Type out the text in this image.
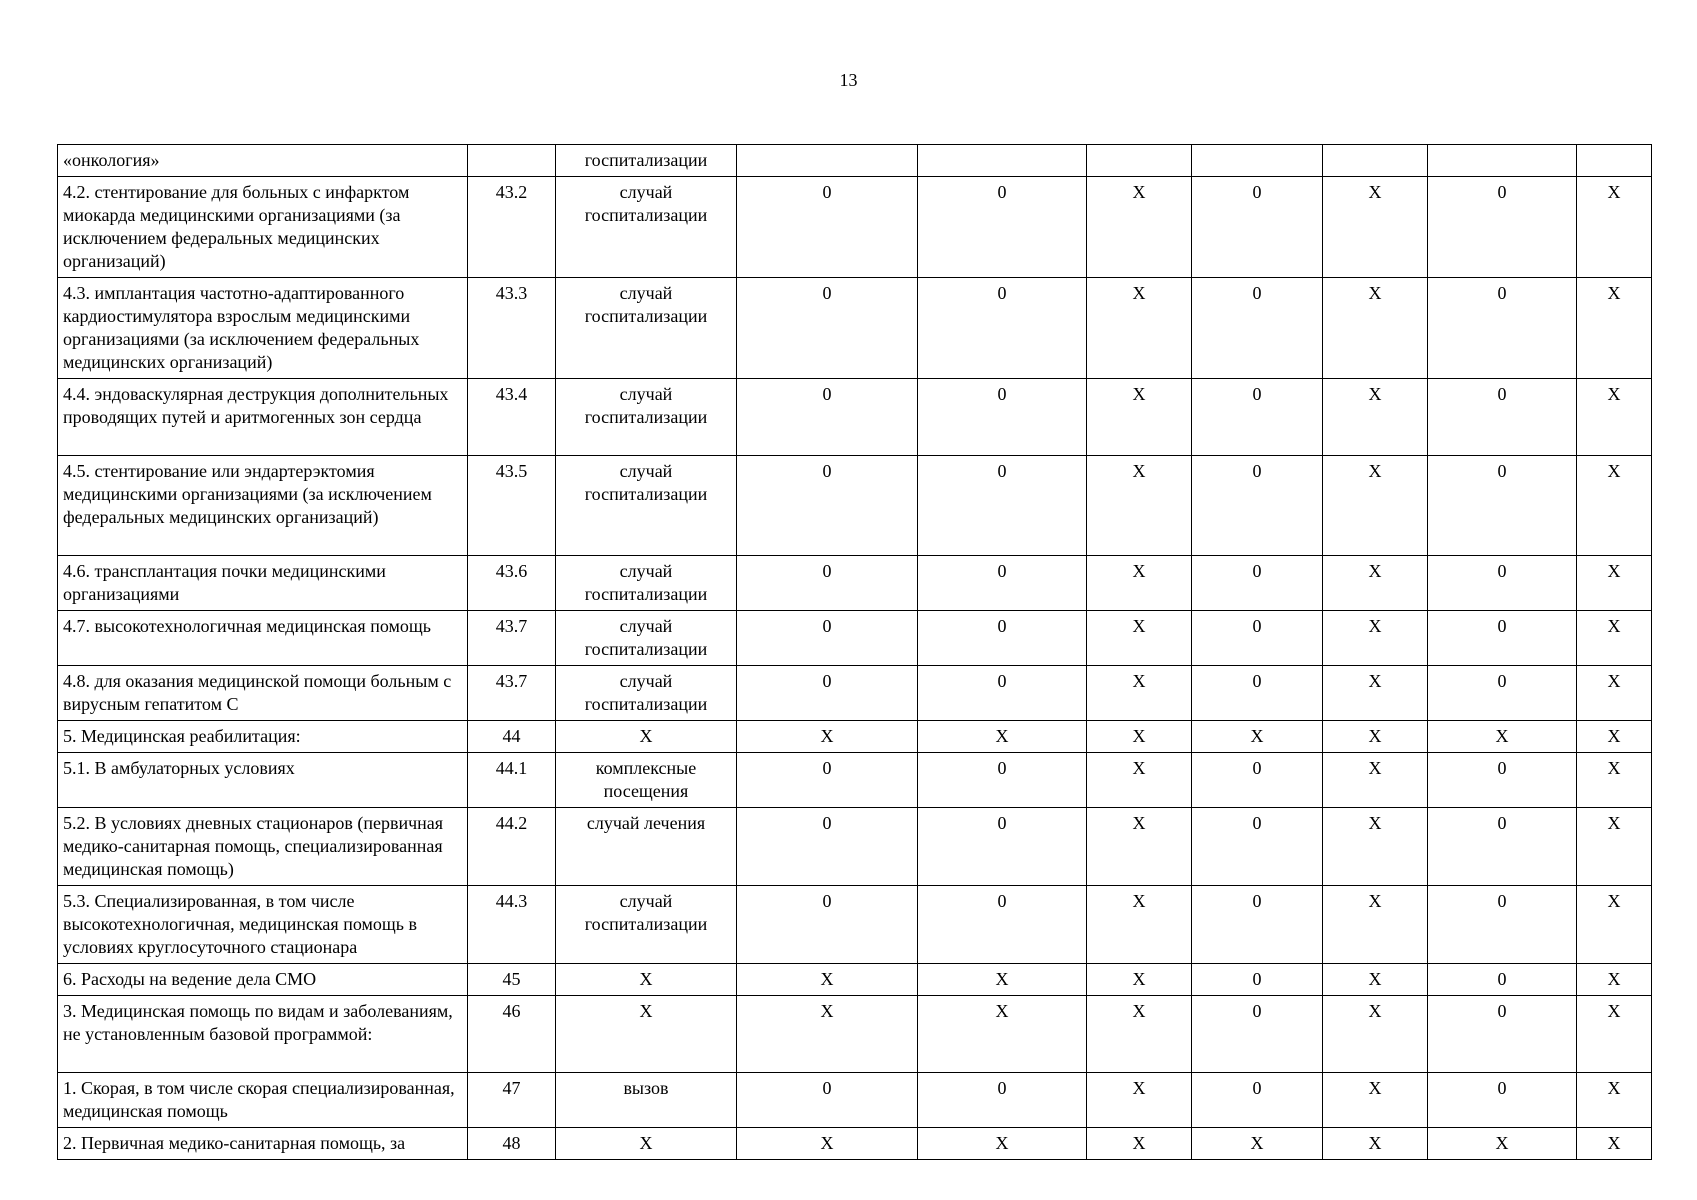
13
«онкология»		госпитализации							
4.2. стентирование для больных с инфарктом миокарда медицинскими организациями (за исключением федеральных медицинских организаций)	43.2	случай госпитализации	0	0	Х	0	Х	0	Х
4.3. имплантация частотно-адаптированного кардиостимулятора взрослым медицинскими организациями (за исключением федеральных медицинских организаций)	43.3	случай госпитализации	0	0	Х	0	Х	0	Х
4.4. эндоваскулярная деструкция дополнительных проводящих путей и аритмогенных зон сердца	43.4	случай госпитализации	0	0	Х	0	Х	0	Х
4.5. стентирование или эндартерэктомия медицинскими организациями (за исключением федеральных медицинских организаций)	43.5	случай госпитализации	0	0	Х	0	Х	0	Х
4.6. трансплантация почки медицинскими организациями	43.6	случай госпитализации	0	0	Х	0	Х	0	Х
4.7. высокотехнологичная медицинская помощь	43.7	случай госпитализации	0	0	Х	0	Х	0	Х
4.8. для оказания медицинской помощи больным с вирусным гепатитом С	43.7	случай госпитализации	0	0	Х	0	Х	0	Х
5. Медицинская реабилитация:	44	Х	Х	Х	Х	Х	Х	Х	Х
5.1. В амбулаторных условиях	44.1	комплексные посещения	0	0	Х	0	Х	0	Х
5.2. В условиях дневных стационаров (первичная медико-санитарная помощь, специализированная медицинская помощь)	44.2	случай лечения	0	0	Х	0	Х	0	Х
5.3. Специализированная, в том числе высокотехнологичная, медицинская помощь в условиях круглосуточного стационара	44.3	случай госпитализации	0	0	Х	0	Х	0	Х
6. Расходы на ведение дела СМО	45	Х	Х	Х	Х	0	Х	0	Х
3. Медицинская помощь по видам и заболеваниям, не установленным базовой программой:	46	Х	Х	Х	Х	0	Х	0	Х
1. Скорая, в том числе скорая специализированная, медицинская помощь	47	вызов	0	0	Х	0	Х	0	Х
2. Первичная медико-санитарная помощь, за	48	Х	Х	Х	Х	Х	Х	Х	Х
